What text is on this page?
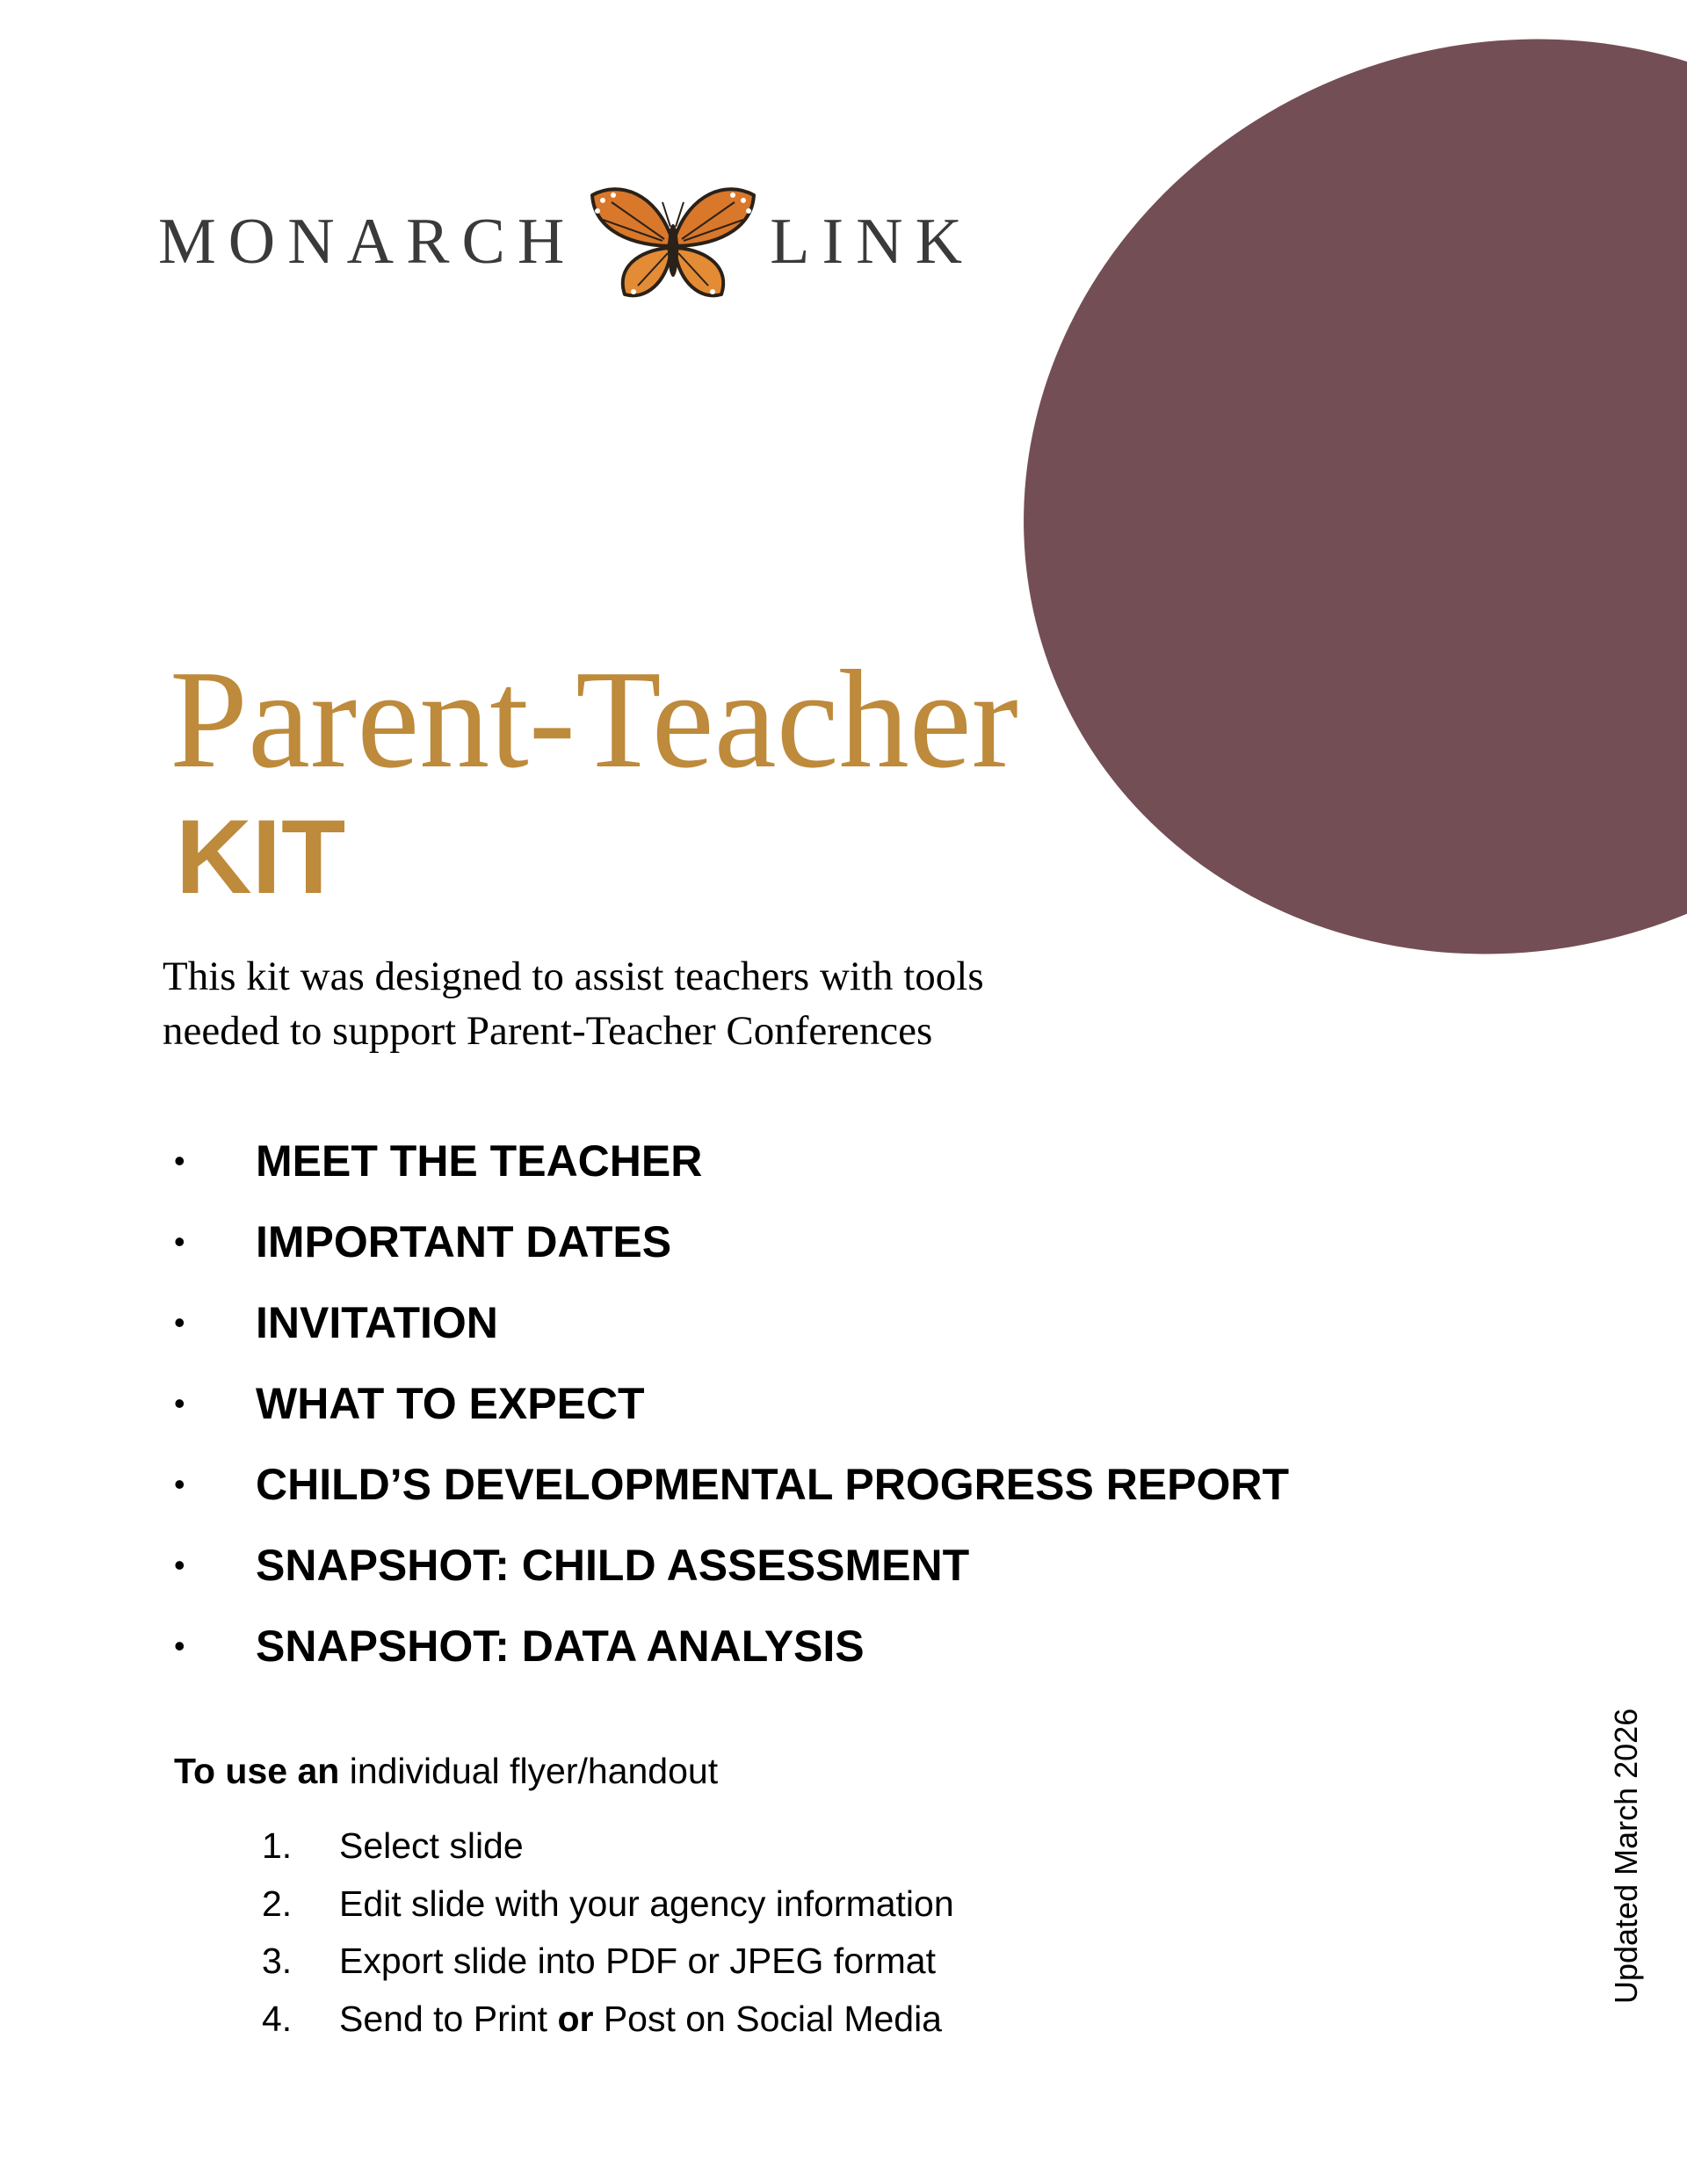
MONARCH	LINK
Parent-Teacher
KIT
This kit was designed to assist teachers with tools
needed to support Parent-Teacher Conferences
•	MEET THE TEACHER
•	IMPORTANT DATES
•	INVITATION
•	WHAT TO EXPECT
•	CHILD’S DEVELOPMENTAL PROGRESS REPORT
•	SNAPSHOT: CHILD ASSESSMENT
•	SNAPSHOT: DATA ANALYSIS
To use an individual flyer/handout
1.	Select slide
2.	Edit slide with your agency information
3.	Export slide into PDF or JPEG format
4.	Send to Print or Post on Social Media
Updated March 2026
